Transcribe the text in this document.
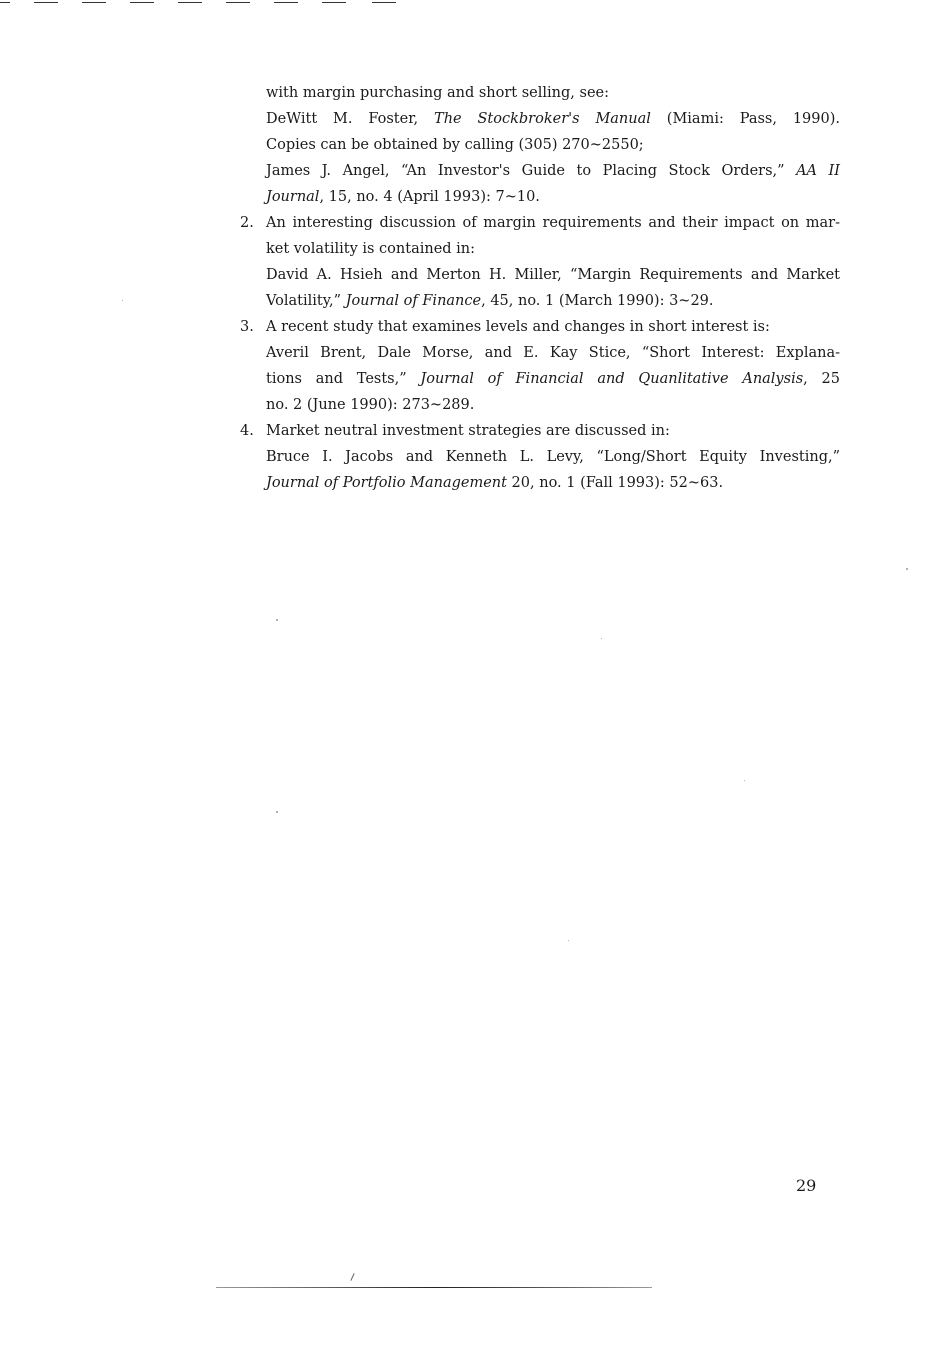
with margin purchasing and short selling, see:
DeWitt M. Foster, The Stockbroker's Manual (Miami: Pass, 1990).
Copies can be obtained by calling (305) 270~2550;
James J. Angel, “An Investor's Guide to Placing Stock Orders,” AA II
Journal, 15, no. 4 (April 1993): 7~10.
2. An interesting discussion of margin requirements and their impact on mar-
ket volatility is contained in:
David A. Hsieh and Merton H. Miller, “Margin Requirements and Market
Volatility,” Journal of Finance, 45, no. 1 (March 1990): 3~29.
3. A recent study that examines levels and changes in short interest is:
Averil Brent, Dale Morse, and E. Kay Stice, “Short Interest: Explana-
tions and Tests,” Journal of Financial and Quanlitative Analysis, 25
no. 2 (June 1990): 273~289.
4. Market neutral investment strategies are discussed in:
Bruce I. Jacobs and Kenneth L. Levy, “Long/Short Equity Investing,”
Journal of Portfolio Management 20, no. 1 (Fall 1993): 52~63.
29
